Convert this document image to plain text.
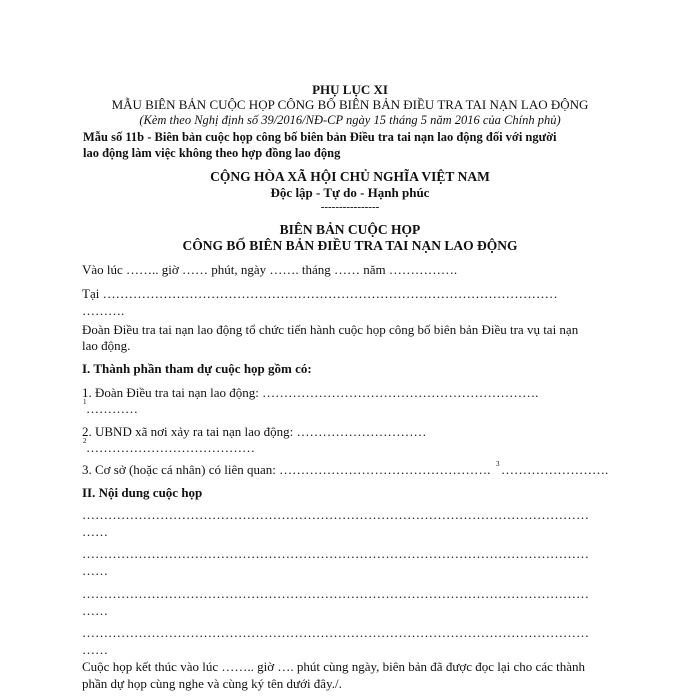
PHỤ LỤC XI
MẪU BIÊN BẢN CUỘC HỌP CÔNG BỐ BIÊN BẢN ĐIỀU TRA TAI NẠN LAO ĐỘNG
(Kèm theo Nghị định số 39/2016/NĐ-CP ngày 15 tháng 5 năm 2016 của Chính phủ)
Mẫu số 11b - Biên bản cuộc họp công bố biên bản Điều tra tai nạn lao động đối với người
lao động làm việc không theo hợp đồng lao động
CỘNG HÒA XÃ HỘI CHỦ NGHĨA VIỆT NAM
Độc lập - Tự do - Hạnh phúc
----------------
BIÊN BẢN CUỘC HỌP
CÔNG BỐ BIÊN BẢN ĐIỀU TRA TAI NẠN LAO ĐỘNG
Vào lúc …….. giờ …… phút, ngày ……. tháng …… năm …………….
Tại ……………………………………………………………………………………………
……….
Đoàn Điều tra tai nạn lao động tổ chức tiến hành cuộc họp công bố biên bản Điều tra vụ tai nạn
lao động.
I. Thành phần tham dự cuộc họp gồm có:
1. Đoàn Điều tra tai nạn lao động: ……………………………………………………….
1 …………
2. UBND xã nơi xảy ra tai nạn lao động: …………………………
2 …………………………………
3. Cơ sở (hoặc cá nhân) có liên quan: …………………………………………. 3 …………………….
II. Nội dung cuộc họp
………………………………………………………………………………………………………
……
………………………………………………………………………………………………………
……
………………………………………………………………………………………………………
……
………………………………………………………………………………………………………
……
Cuộc họp kết thúc vào lúc …….. giờ …. phút cùng ngày, biên bản đã được đọc lại cho các thành
phần dự họp cùng nghe và cùng ký tên dưới đây./.
